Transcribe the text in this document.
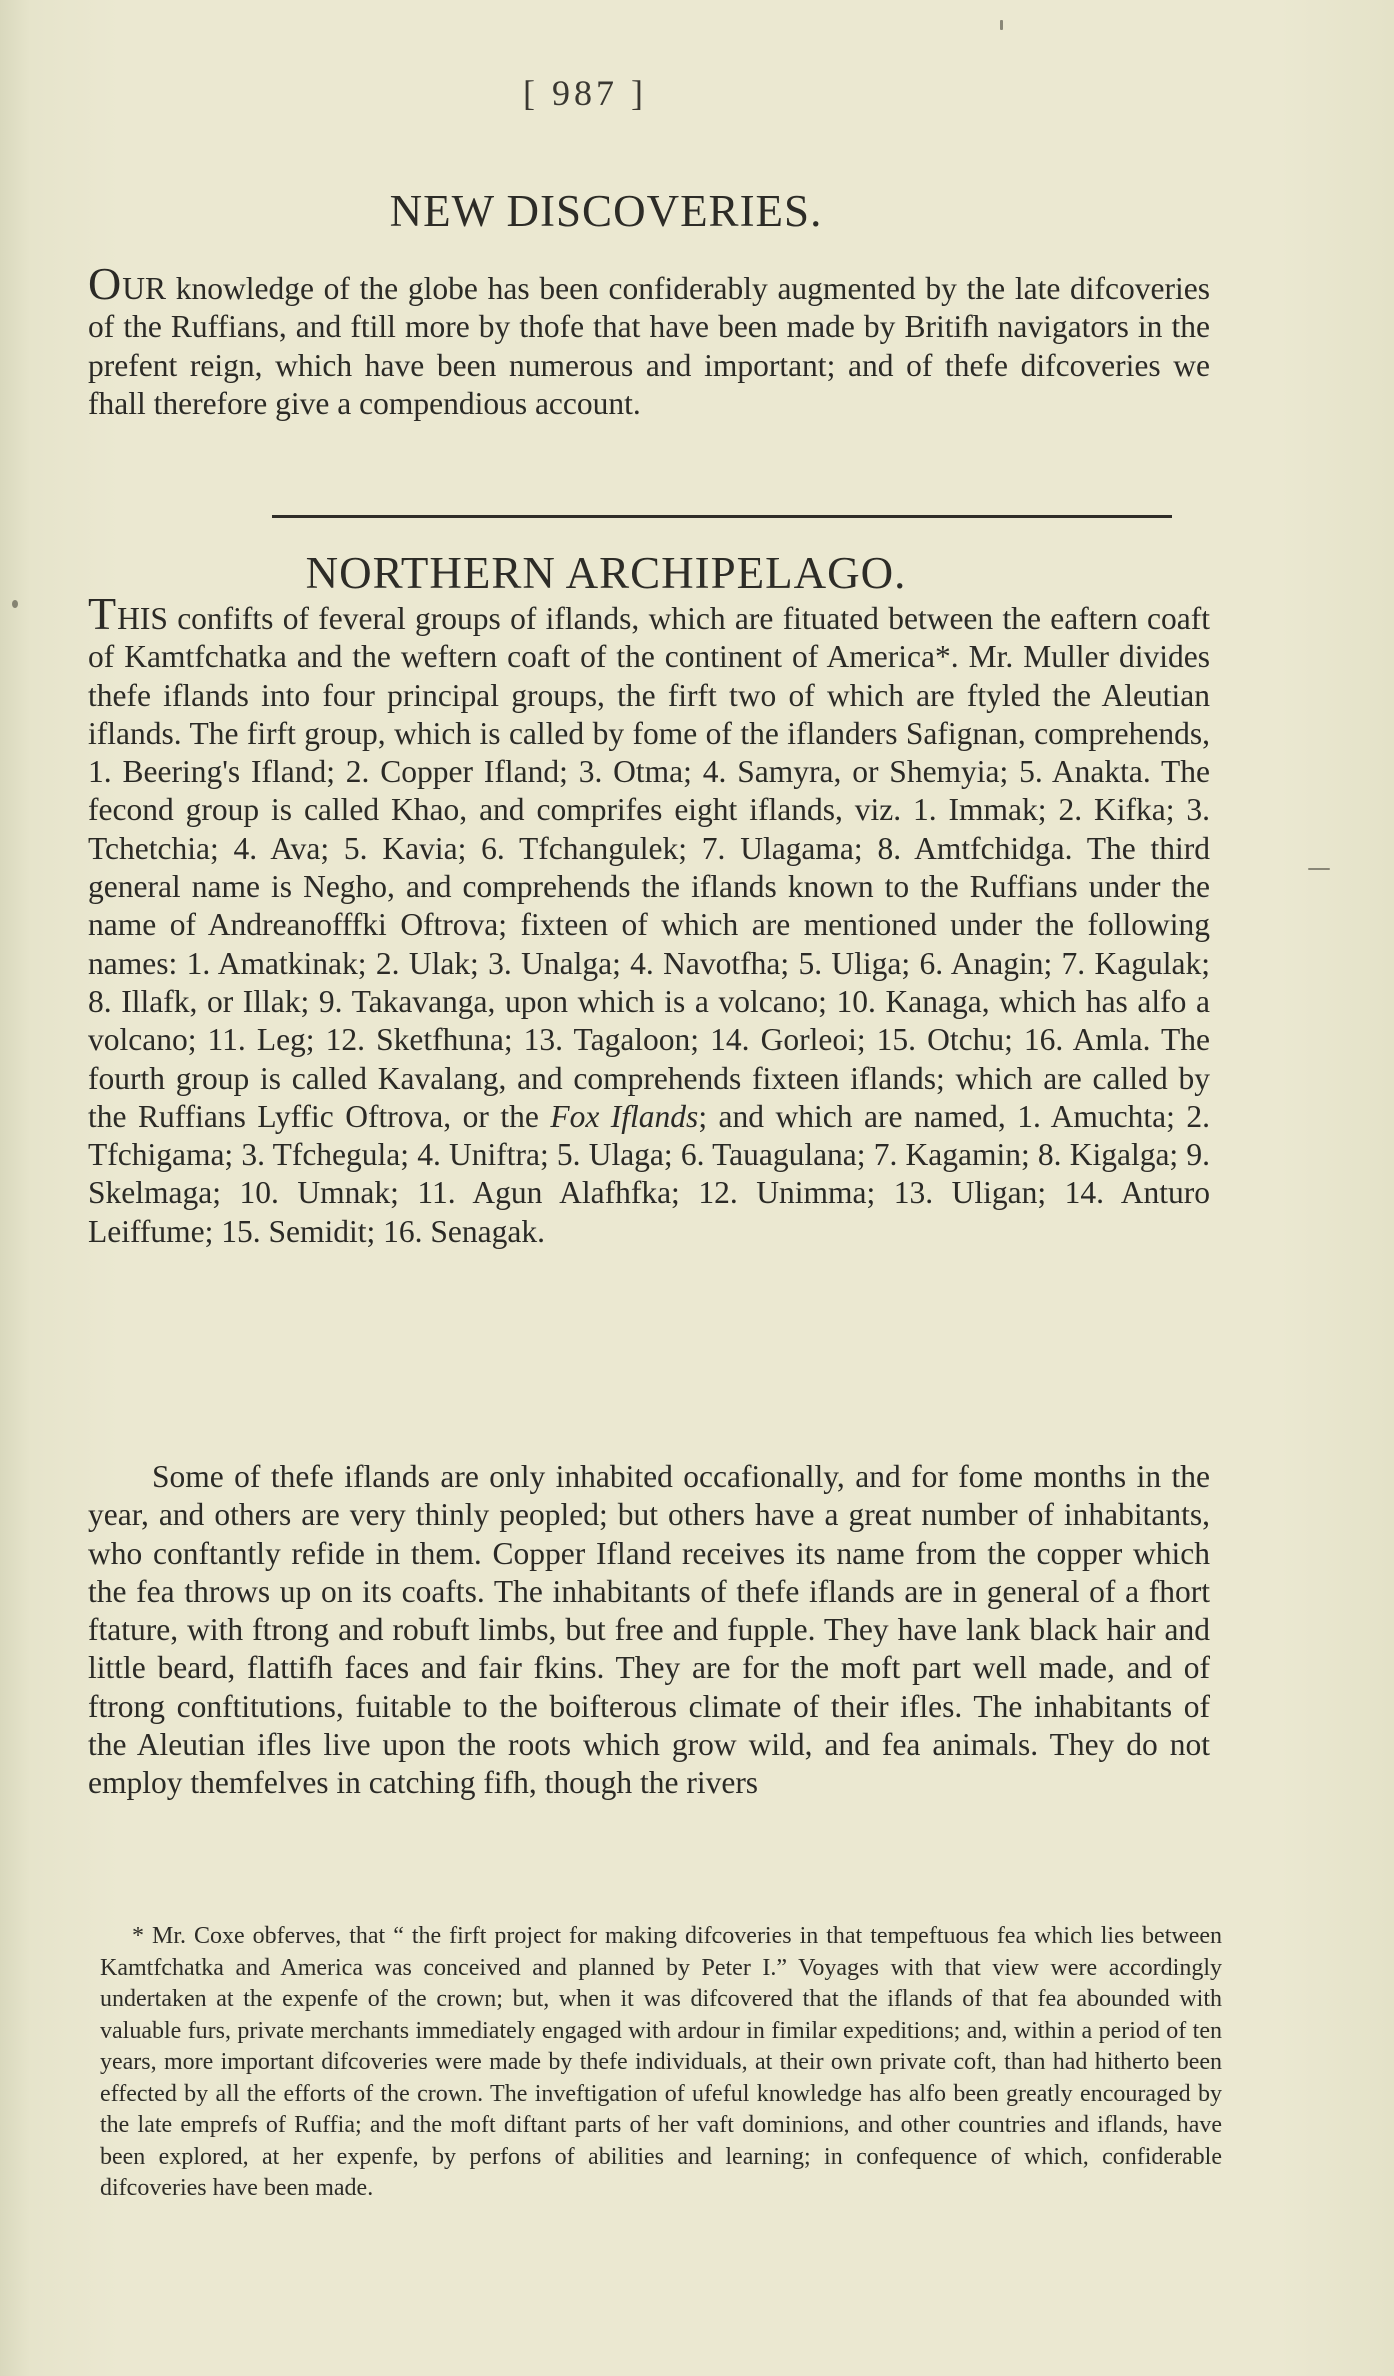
[ 987 ]
NEW DISCOVERIES.
OUR knowledge of the globe has been confiderably augmented by the late difcoveries of the Ruffians, and ftill more by thofe that have been made by Britifh navigators in the prefent reign, which have been numerous and important; and of thefe difcoveries we fhall therefore give a compendious account.
NORTHERN ARCHIPELAGO.
THIS confifts of feveral groups of iflands, which are fituated between the eaftern coaft of Kamtfchatka and the weftern coaft of the continent of America*. Mr. Muller divides thefe iflands into four principal groups, the firft two of which are ftyled the Aleutian iflands. The firft group, which is called by fome of the iflanders Safignan, comprehends, 1. Beering's Ifland; 2. Copper Ifland; 3. Otma; 4. Samyra, or Shemyia; 5. Anakta. The fecond group is called Khao, and comprifes eight iflands, viz. 1. Immak; 2. Kifka; 3. Tchetchia; 4. Ava; 5. Kavia; 6. Tfchangulek; 7. Ulagama; 8. Amtfchidga. The third general name is Negho, and comprehends the iflands known to the Ruffians under the name of Andreanofffki Oftrova; fixteen of which are mentioned under the following names: 1. Amatkinak; 2. Ulak; 3. Unalga; 4. Navotfha; 5. Uliga; 6. Anagin; 7. Kagulak; 8. Illafk, or Illak; 9. Takavanga, upon which is a volcano; 10. Kanaga, which has alfo a volcano; 11. Leg; 12. Sketfhuna; 13. Tagaloon; 14. Gorleoi; 15. Otchu; 16. Amla. The fourth group is called Kavalang, and comprehends fixteen iflands; which are called by the Ruffians Lyffic Oftrova, or the Fox Iflands; and which are named, 1. Amuchta; 2. Tfchigama; 3. Tfchegula; 4. Uniftra; 5. Ulaga; 6. Tauagulana; 7. Kagamin; 8. Kigalga; 9. Skelmaga; 10. Umnak; 11. Agun Alafhfka; 12. Unimma; 13. Uligan; 14. Anturo Leiffume; 15. Semidit; 16. Senagak.
Some of thefe iflands are only inhabited occafionally, and for fome months in the year, and others are very thinly peopled; but others have a great number of inhabitants, who conftantly refide in them. Copper Ifland receives its name from the copper which the fea throws up on its coafts. The inhabitants of thefe iflands are in general of a fhort ftature, with ftrong and robuft limbs, but free and fupple. They have lank black hair and little beard, flattifh faces and fair fkins. They are for the moft part well made, and of ftrong conftitutions, fuitable to the boifterous climate of their ifles. The inhabitants of the Aleutian ifles live upon the roots which grow wild, and fea animals. They do not employ themfelves in catching fifh, though the rivers
* Mr. Coxe obferves, that “ the firft project for making difcoveries in that tempeftuous fea which lies between Kamtfchatka and America was conceived and planned by Peter I.” Voyages with that view were accordingly undertaken at the expenfe of the crown; but, when it was difcovered that the iflands of that fea abounded with valuable furs, private merchants immediately engaged with ardour in fimilar expeditions; and, within a period of ten years, more important difcoveries were made by thefe individuals, at their own private coft, than had hitherto been effected by all the efforts of the crown. The inveftigation of ufeful knowledge has alfo been greatly encouraged by the late emprefs of Ruffia; and the moft diftant parts of her vaft dominions, and other countries and iflands, have been explored, at her expenfe, by perfons of abilities and learning; in confequence of which, confiderable difcoveries have been made.
